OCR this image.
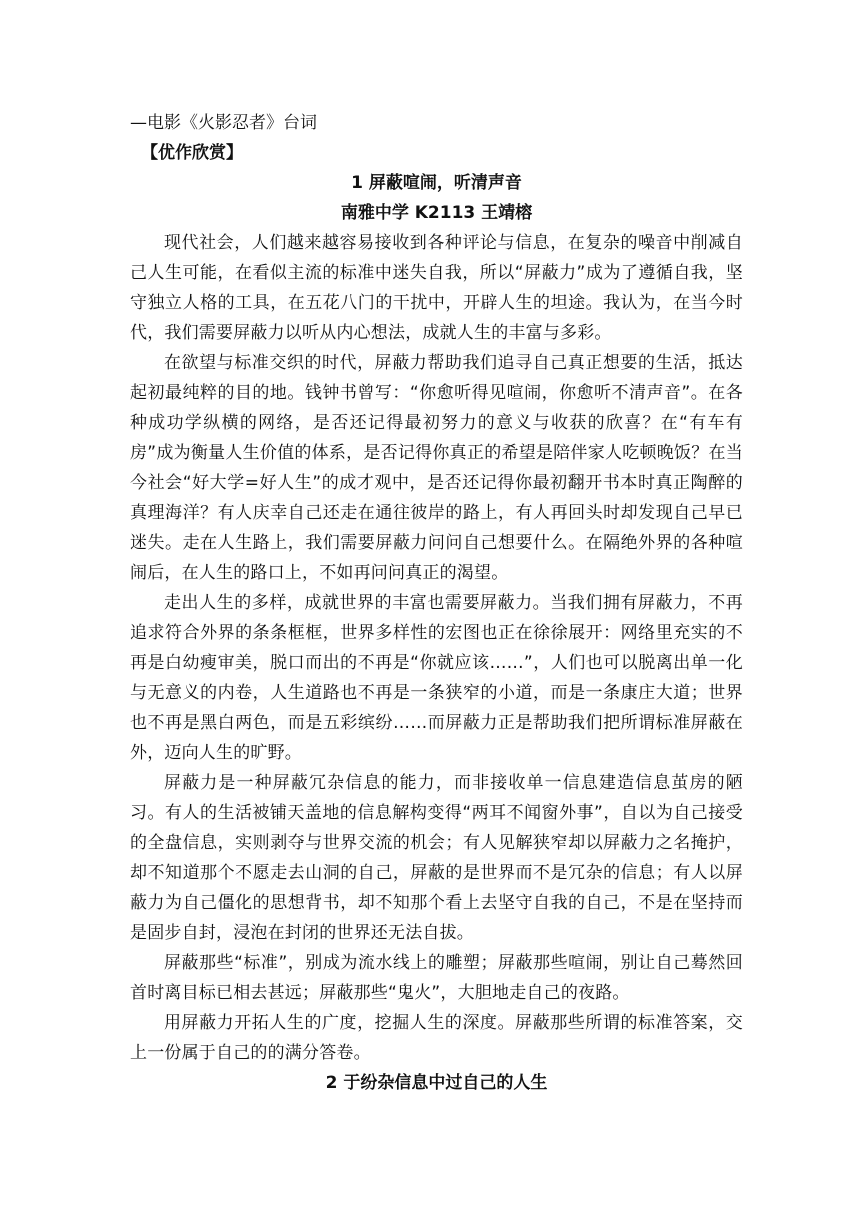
—电影《火影忍者》台词
【优作欣赏】
1 屏蔽喧闹，听清声音
南雅中学 K2113 王靖榕

现代社会，人们越来越容易接收到各种评论与信息，在复杂的噪音中削减自己人生可能，在看似主流的标准中迷失自我，所以“屏蔽力”成为了遵循自我，坚守独立人格的工具，在五花八门的干扰中，开辟人生的坦途。我认为，在当今时代，我们需要屏蔽力以听从内心想法，成就人生的丰富与多彩。

在欲望与标准交织的时代，屏蔽力帮助我们追寻自己真正想要的生活，抵达起初最纯粹的目的地。钱钟书曾写：“你愈听得见喧闹，你愈听不清声音”。在各种成功学纵横的网络，是否还记得最初努力的意义与收获的欣喜？在“有车有房”成为衡量人生价值的体系，是否记得你真正的希望是陪伴家人吃顿晚饭？在当今社会“好大学=好人生”的成才观中，是否还记得你最初翻开书本时真正陶醉的真理海洋？有人庆幸自己还走在通往彼岸的路上，有人再回头时却发现自己早已迷失。走在人生路上，我们需要屏蔽力问问自己想要什么。在隔绝外界的各种喧闹后，在人生的路口上，不如再问问真正的渴望。

走出人生的多样，成就世界的丰富也需要屏蔽力。当我们拥有屏蔽力，不再追求符合外界的条条框框，世界多样性的宏图也正在徐徐展开：网络里充实的不再是白幼瘦审美，脱口而出的不再是“你就应该……”，人们也可以脱离出单一化与无意义的内卷，人生道路也不再是一条狭窄的小道，而是一条康庄大道；世界也不再是黑白两色，而是五彩缤纷……而屏蔽力正是帮助我们把所谓标准屏蔽在外，迈向人生的旷野。

屏蔽力是一种屏蔽冗杂信息的能力，而非接收单一信息建造信息茧房的陋习。有人的生活被铺天盖地的信息解构变得“两耳不闻窗外事”，自以为自己接受的全盘信息，实则剥夺与世界交流的机会；有人见解狭窄却以屏蔽力之名掩护，却不知道那个不愿走去山洞的自己，屏蔽的是世界而不是冗杂的信息；有人以屏蔽力为自己僵化的思想背书，却不知那个看上去坚守自我的自己，不是在坚持而是固步自封，浸泡在封闭的世界还无法自拔。

屏蔽那些“标准”，别成为流水线上的雕塑；屏蔽那些喧闹，别让自己蓦然回首时离目标已相去甚远；屏蔽那些“鬼火”，大胆地走自己的夜路。

用屏蔽力开拓人生的广度，挖掘人生的深度。屏蔽那些所谓的标准答案，交上一份属于自己的的满分答卷。

2 于纷杂信息中过自己的人生
